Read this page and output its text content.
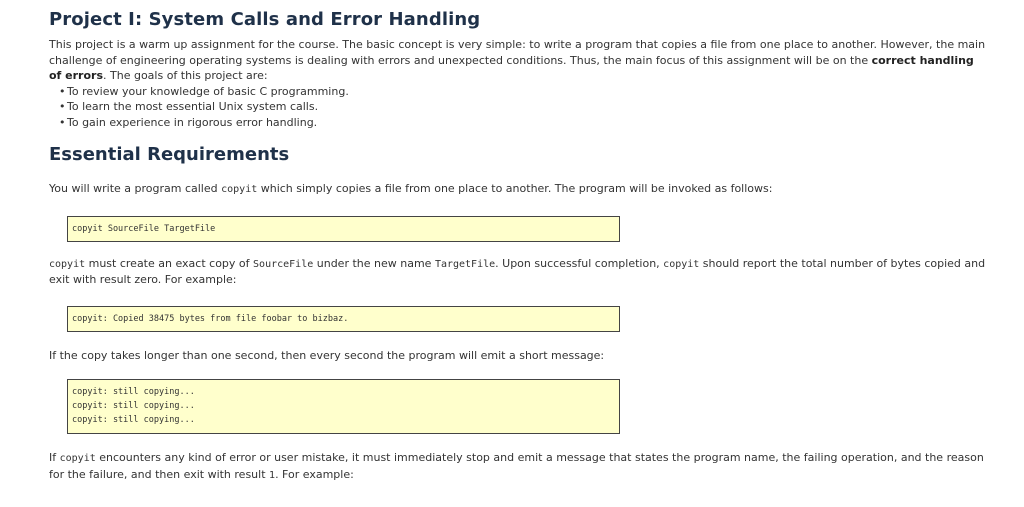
Project I: System Calls and Error Handling

This project is a warm up assignment for the course. The basic concept is very simple: to write a program that copies a file from one place to another. However, the main challenge of engineering operating systems is dealing with errors and unexpected conditions. Thus, the main focus of this assignment will be on the correct handling of errors. The goals of this project are:

• To review your knowledge of basic C programming.
• To learn the most essential Unix system calls.
• To gain experience in rigorous error handling.
Essential Requirements

You will write a program called copyit which simply copies a file from one place to another. The program will be invoked as follows:

copyit SourceFile TargetFile

copyit must create an exact copy of SourceFile under the new name TargetFile. Upon successful completion, copyit should report the total number of bytes copied and exit with result zero. For example:

copyit: Copied 38475 bytes from file foobar to bizbaz.

If the copy takes longer than one second, then every second the program will emit a short message:

copyit: still copying...
copyit: still copying...
copyit: still copying...

If copyit encounters any kind of error or user mistake, it must immediately stop and emit a message that states the program name, the failing operation, and the reason for the failure, and then exit with result 1. For example:
